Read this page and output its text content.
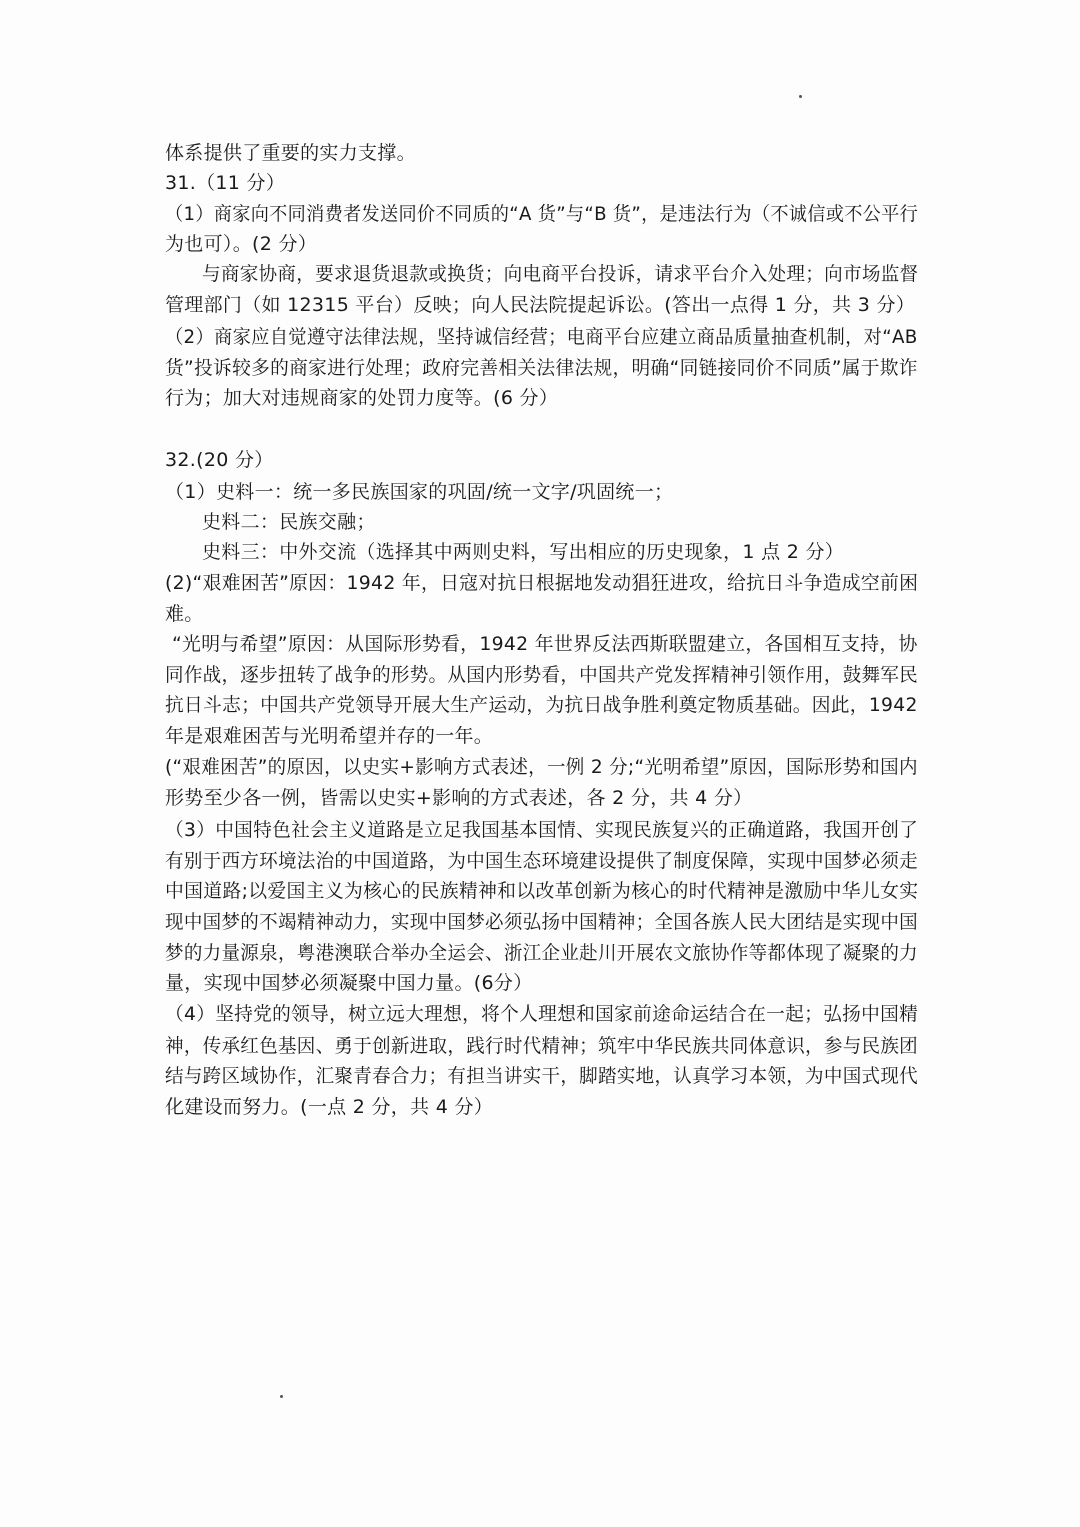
体系提供了重要的实力支撑。
31.（11 分）
（1）商家向不同消费者发送同价不同质的“A 货”与“B 货”，是违法行为（不诚信或不公平行
为也可）。(2 分）
与商家协商，要求退货退款或换货；向电商平台投诉，请求平台介入处理；向市场监督
管理部门（如 12315 平台）反映；向人民法院提起诉讼。(答出一点得 1 分，共 3 分）
（2）商家应自觉遵守法律法规，坚持诚信经营；电商平台应建立商品质量抽查机制，对“AB
货”投诉较多的商家进行处理；政府完善相关法律法规，明确“同链接同价不同质”属于欺诈
行为；加大对违规商家的处罚力度等。(6 分）
32.(20 分）
（1）史料一：统一多民族国家的巩固/统一文字/巩固统一；
史料二：民族交融；
史料三：中外交流（选择其中两则史料，写出相应的历史现象，1 点 2 分）
(2)“艰难困苦”原因：1942 年，日寇对抗日根据地发动猖狂进攻，给抗日斗争造成空前困
难。
“光明与希望”原因：从国际形势看，1942 年世界反法西斯联盟建立，各国相互支持，协
同作战，逐步扭转了战争的形势。从国内形势看，中国共产党发挥精神引领作用，鼓舞军民
抗日斗志；中国共产党领导开展大生产运动，为抗日战争胜利奠定物质基础。因此，1942
年是艰难困苦与光明希望并存的一年。
(“艰难困苦”的原因，以史实+影响方式表述，一例 2 分;“光明希望”原因，国际形势和国内
形势至少各一例，皆需以史实+影响的方式表述，各 2 分，共 4 分）
（3）中国特色社会主义道路是立足我国基本国情、实现民族复兴的正确道路，我国开创了
有别于西方环境法治的中国道路，为中国生态环境建设提供了制度保障，实现中国梦必须走
中国道路;以爱国主义为核心的民族精神和以改革创新为核心的时代精神是激励中华儿女实
现中国梦的不竭精神动力，实现中国梦必须弘扬中国精神；全国各族人民大团结是实现中国
梦的力量源泉，粤港澳联合举办全运会、浙江企业赴川开展农文旅协作等都体现了凝聚的力
量，实现中国梦必须凝聚中国力量。(6分）
（4）坚持党的领导，树立远大理想，将个人理想和国家前途命运结合在一起；弘扬中国精
神，传承红色基因、勇于创新进取，践行时代精神；筑牢中华民族共同体意识，参与民族团
结与跨区域协作，汇聚青春合力；有担当讲实干，脚踏实地，认真学习本领，为中国式现代
化建设而努力。(一点 2 分，共 4 分）
